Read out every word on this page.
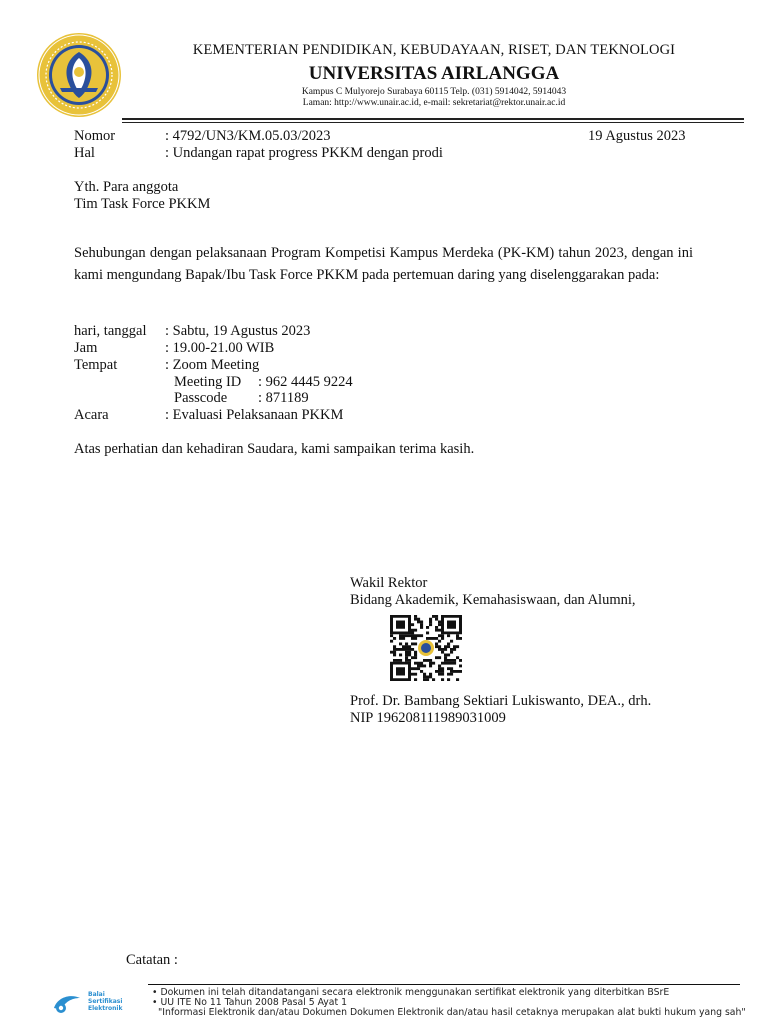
KEMENTERIAN PENDIDIKAN, KEBUDAYAAN, RISET, DAN TEKNOLOGI
UNIVERSITAS AIRLANGGA
Kampus C Mulyorejo Surabaya 60115 Telp. (031) 5914042, 5914043
Laman: http://www.unair.ac.id, e-mail: sekretariat@rektor.unair.ac.id
Nomor	: 4792/UN3/KM.05.03/2023	19 Agustus 2023
Hal	: Undangan rapat progress PKKM dengan prodi
Yth. Para anggota
Tim Task Force PKKM
Sehubungan dengan pelaksanaan Program Kompetisi Kampus Merdeka (PK-KM) tahun 2023, dengan ini kami mengundang Bapak/Ibu Task Force PKKM pada pertemuan daring yang diselenggarakan pada:
hari, tanggal : Sabtu, 19 Agustus 2023
Jam	: 19.00-21.00 WIB
Tempat	: Zoom Meeting
Meeting ID : 962 4445 9224
Passcode : 871189
Acara	: Evaluasi Pelaksanaan PKKM
Atas perhatian dan kehadiran Saudara, kami sampaikan terima kasih.
Wakil Rektor
Bidang Akademik, Kemahasiswaan, dan Alumni,
Prof. Dr. Bambang Sektiari Lukiswanto, DEA., drh.
NIP 196208111989031009
Catatan :
Balai
Sertifikasi
Elektronik
• Dokumen ini telah ditandatangani secara elektronik menggunakan sertifikat elektronik yang diterbitkan BSrE
• UU ITE No 11 Tahun 2008 Pasal 5 Ayat 1
"Informasi Elektronik dan/atau Dokumen Dokumen Elektronik dan/atau hasil cetaknya merupakan alat bukti hukum yang sah"
